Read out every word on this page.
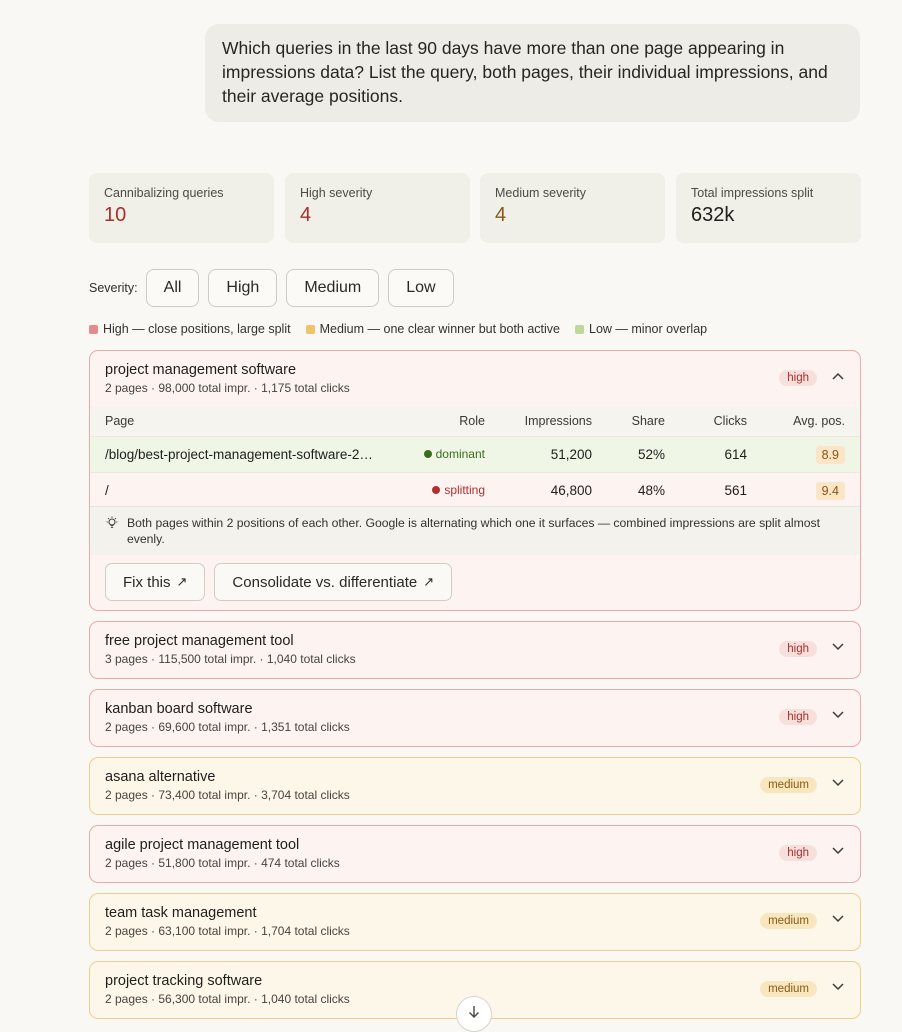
Which queries in the last 90 days have more than one page appearing in impressions data? List the query, both pages, their individual impressions, and their average positions.
Cannibalizing queries
10
High severity
4
Medium severity
4
Total impressions split
632k
Severity:	All	High	Medium	Low
High — close positions, large split Medium — one clear winner but both active Low — minor overlap
project management software
2 pages · 98,000 total impr. · 1,175 total clicks
high
Page	Role	Impressions	Share	Clicks	Avg. pos.
/blog/best-project-management-software-2…	dominant	51,200	52%	614	8.9
/	splitting	46,800	48%	561	9.4
Both pages within 2 positions of each other. Google is alternating which one it surfaces — combined impressions are split almost evenly.
Fix this ↗	Consolidate vs. differentiate ↗
free project management tool
3 pages · 115,500 total impr. · 1,040 total clicks
high
kanban board software
2 pages · 69,600 total impr. · 1,351 total clicks
high
asana alternative
2 pages · 73,400 total impr. · 3,704 total clicks
medium
agile project management tool
2 pages · 51,800 total impr. · 474 total clicks
high
team task management
2 pages · 63,100 total impr. · 1,704 total clicks
medium
project tracking software
2 pages · 56,300 total impr. · 1,040 total clicks
medium
